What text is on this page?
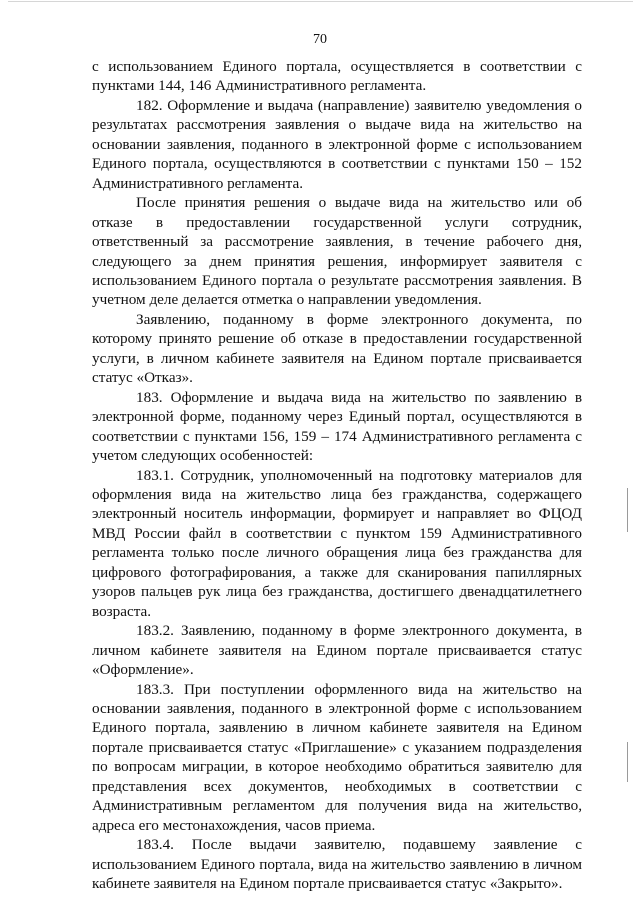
70

с использованием Единого портала, осуществляется в соответствии с пунктами 144, 146 Административного регламента.

182. Оформление и выдача (направление) заявителю уведомления о результатах рассмотрения заявления о выдаче вида на жительство на основании заявления, поданного в электронной форме с использованием Единого портала, осуществляются в соответствии с пунктами 150 – 152 Административного регламента.

После принятия решения о выдаче вида на жительство или об отказе в предоставлении государственной услуги сотрудник, ответственный за рассмотрение заявления, в течение рабочего дня, следующего за днем принятия решения, информирует заявителя с использованием Единого портала о результате рассмотрения заявления. В учетном деле делается отметка о направлении уведомления.

Заявлению, поданному в форме электронного документа, по которому принято решение об отказе в предоставлении государственной услуги, в личном кабинете заявителя на Едином портале присваивается статус «Отказ».

183. Оформление и выдача вида на жительство по заявлению в электронной форме, поданному через Единый портал, осуществляются в соответствии с пунктами 156, 159 – 174 Административного регламента с учетом следующих особенностей:

183.1. Сотрудник, уполномоченный на подготовку материалов для оформления вида на жительство лица без гражданства, содержащего электронный носитель информации, формирует и направляет во ФЦОД МВД России файл в соответствии с пунктом 159 Административного регламента только после личного обращения лица без гражданства для цифрового фотографирования, а также для сканирования папиллярных узоров пальцев рук лица без гражданства, достигшего двенадцатилетнего возраста.

183.2. Заявлению, поданному в форме электронного документа, в личном кабинете заявителя на Едином портале присваивается статус «Оформление».

183.3. При поступлении оформленного вида на жительство на основании заявления, поданного в электронной форме с использованием Единого портала, заявлению в личном кабинете заявителя на Едином портале присваивается статус «Приглашение» с указанием подразделения по вопросам миграции, в которое необходимо обратиться заявителю для представления всех документов, необходимых в соответствии с Административным регламентом для получения вида на жительство, адреса его местонахождения, часов приема.

183.4. После выдачи заявителю, подавшему заявление с использованием Единого портала, вида на жительство заявлению в личном кабинете заявителя на Едином портале присваивается статус «Закрыто».
